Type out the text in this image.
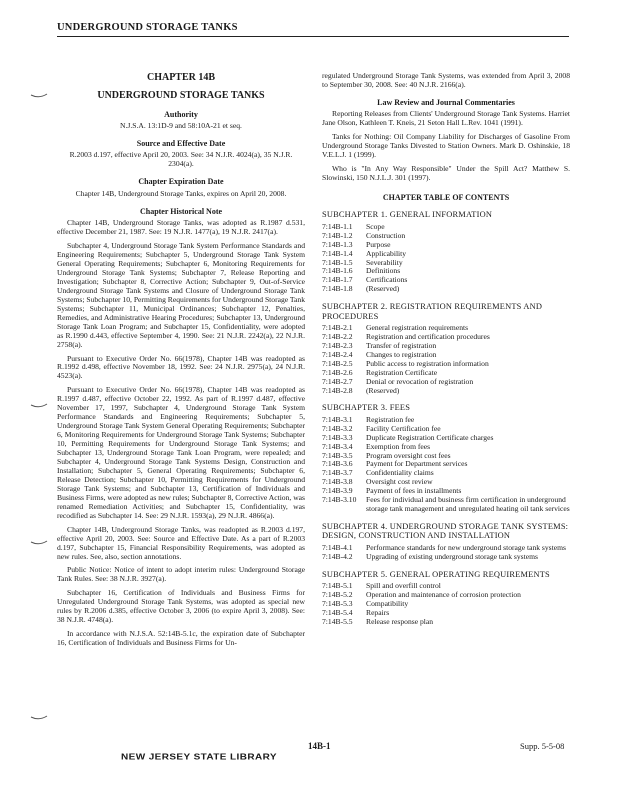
UNDERGROUND STORAGE TANKS
CHAPTER 14B
UNDERGROUND STORAGE TANKS
Authority

N.J.S.A. 13:1D-9 and 58:10A-21 et seq.

Source and Effective Date

R.2003 d.197, effective April 20, 2003. See: 34 N.J.R. 4024(a), 35 N.J.R. 2304(a).

Chapter Expiration Date

Chapter 14B, Underground Storage Tanks, expires on April 20, 2008.

Chapter Historical Note

Chapter 14B, Underground Storage Tanks, was adopted as R.1987 d.531, effective December 21, 1987. See: 19 N.J.R. 1477(a), 19 N.J.R. 2417(a).

Subchapter 4, Underground Storage Tank System Performance Standards and Engineering Requirements; Subchapter 5, Underground Storage Tank System General Operating Requirements; Subchapter 6, Monitoring Requirements for Underground Storage Tank Systems; Subchapter 7, Release Reporting and Investigation; Subchapter 8, Corrective Action; Subchapter 9, Out-of-Service Underground Storage Tank Systems and Closure of Underground Storage Tank Systems; Subchapter 10, Permitting Requirements for Underground Storage Tank Systems; Subchapter 11, Municipal Ordinances; Subchapter 12, Penalties, Remedies, and Administrative Hearing Procedures; Subchapter 13, Underground Storage Tank Loan Program; and Subchapter 15, Confidentiality, were adopted as R.1990 d.443, effective September 4, 1990. See: 21 N.J.R. 2242(a), 22 N.J.R. 2758(a).

Pursuant to Executive Order No. 66(1978), Chapter 14B was readopted as R.1992 d.498, effective November 18, 1992. See: 24 N.J.R. 2975(a), 24 N.J.R. 4523(a).

Pursuant to Executive Order No. 66(1978), Chapter 14B was readopted as R.1997 d.487, effective October 22, 1992. As part of R.1997 d.487, effective November 17, 1997, Subchapter 4, Underground Storage Tank System Performance Standards and Engineering Requirements; Subchapter 5, Underground Storage Tank System General Operating Requirements; Subchapter 6, Monitoring Requirements for Underground Storage Tank Systems; Subchapter 10, Permitting Requirements for Underground Storage Tank Systems; and Subchapter 13, Underground Storage Tank Loan Program, were repealed; and Subchapter 4, Underground Storage Tank Systems Design, Construction and Installation; Subchapter 5, General Operating Requirements; Subchapter 6, Release Detection; Subchapter 10, Permitting Requirements for Underground Storage Tank Systems; and Subchapter 13, Certification of Individuals and Business Firms, were adopted as new rules; Subchapter 8, Corrective Action, was renamed Remediation Activities; and Subchapter 15, Confidentiality, was recodified as Subchapter 14. See: 29 N.J.R. 1593(a), 29 N.J.R. 4866(a).

Chapter 14B, Underground Storage Tanks, was readopted as R.2003 d.197, effective April 20, 2003. See: Source and Effective Date. As a part of R.2003 d.197, Subchapter 15, Financial Responsibility Requirements, was adopted as new rules. See, also, section annotations.

Public Notice: Notice of intent to adopt interim rules: Underground Storage Tank Rules. See: 38 N.J.R. 3927(a).

Subchapter 16, Certification of Individuals and Business Firms for Unregulated Underground Storage Tank Systems, was adopted as special new rules by R.2006 d.385, effective October 3, 2006 (to expire April 3, 2008). See: 38 N.J.R. 4748(a).

In accordance with N.J.S.A. 52:14B-5.1c, the expiration date of Subchapter 16, Certification of Individuals and Business Firms for Un-

regulated Underground Storage Tank Systems, was extended from April 3, 2008 to September 30, 2008. See: 40 N.J.R. 2166(a).

Law Review and Journal Commentaries

Reporting Releases from Clients' Underground Storage Tank Systems. Harriet Jane Olson, Kathleen T. Kneis, 21 Seton Hall L.Rev. 1041 (1991).

Tanks for Nothing: Oil Company Liability for Discharges of Gasoline From Underground Storage Tanks Divested to Station Owners. Mark D. Oshinskie, 18 V.E.L.J. 1 (1999).

Who is "In Any Way Responsible" Under the Spill Act? Matthew S. Slowinski, 150 N.J.L.J. 301 (1997).

CHAPTER TABLE OF CONTENTS
SUBCHAPTER 1. GENERAL INFORMATION
7:14B-1.1	Scope
7:14B-1.2	Construction
7:14B-1.3	Purpose
7:14B-1.4	Applicability
7:14B-1.5	Severability
7:14B-1.6	Definitions
7:14B-1.7	Certifications
7:14B-1.8	(Reserved)
SUBCHAPTER 2. REGISTRATION REQUIREMENTS AND PROCEDURES
7:14B-2.1	General registration requirements
7:14B-2.2	Registration and certification procedures
7:14B-2.3	Transfer of registration
7:14B-2.4	Changes to registration
7:14B-2.5	Public access to registration information
7:14B-2.6	Registration Certificate
7:14B-2.7	Denial or revocation of registration
7:14B-2.8	(Reserved)
SUBCHAPTER 3. FEES
7:14B-3.1	Registration fee
7:14B-3.2	Facility Certification fee
7:14B-3.3	Duplicate Registration Certificate charges
7:14B-3.4	Exemption from fees
7:14B-3.5	Program oversight cost fees
7:14B-3.6	Payment for Department services
7:14B-3.7	Confidentiality claims
7:14B-3.8	Oversight cost review
7:14B-3.9	Payment of fees in installments
7:14B-3.10	Fees for individual and business firm certification in underground storage tank management and unregulated heating oil tank services
SUBCHAPTER 4. UNDERGROUND STORAGE TANK SYSTEMS: DESIGN, CONSTRUCTION AND INSTALLATION
7:14B-4.1	Performance standards for new underground storage tank systems
7:14B-4.2	Upgrading of existing underground storage tank systems
SUBCHAPTER 5. GENERAL OPERATING REQUIREMENTS
7:14B-5.1	Spill and overfill control
7:14B-5.2	Operation and maintenance of corrosion protection
7:14B-5.3	Compatibility
7:14B-5.4	Repairs
7:14B-5.5	Release response plan
14B-1	Supp. 5-5-08
NEW JERSEY STATE LIBRARY
